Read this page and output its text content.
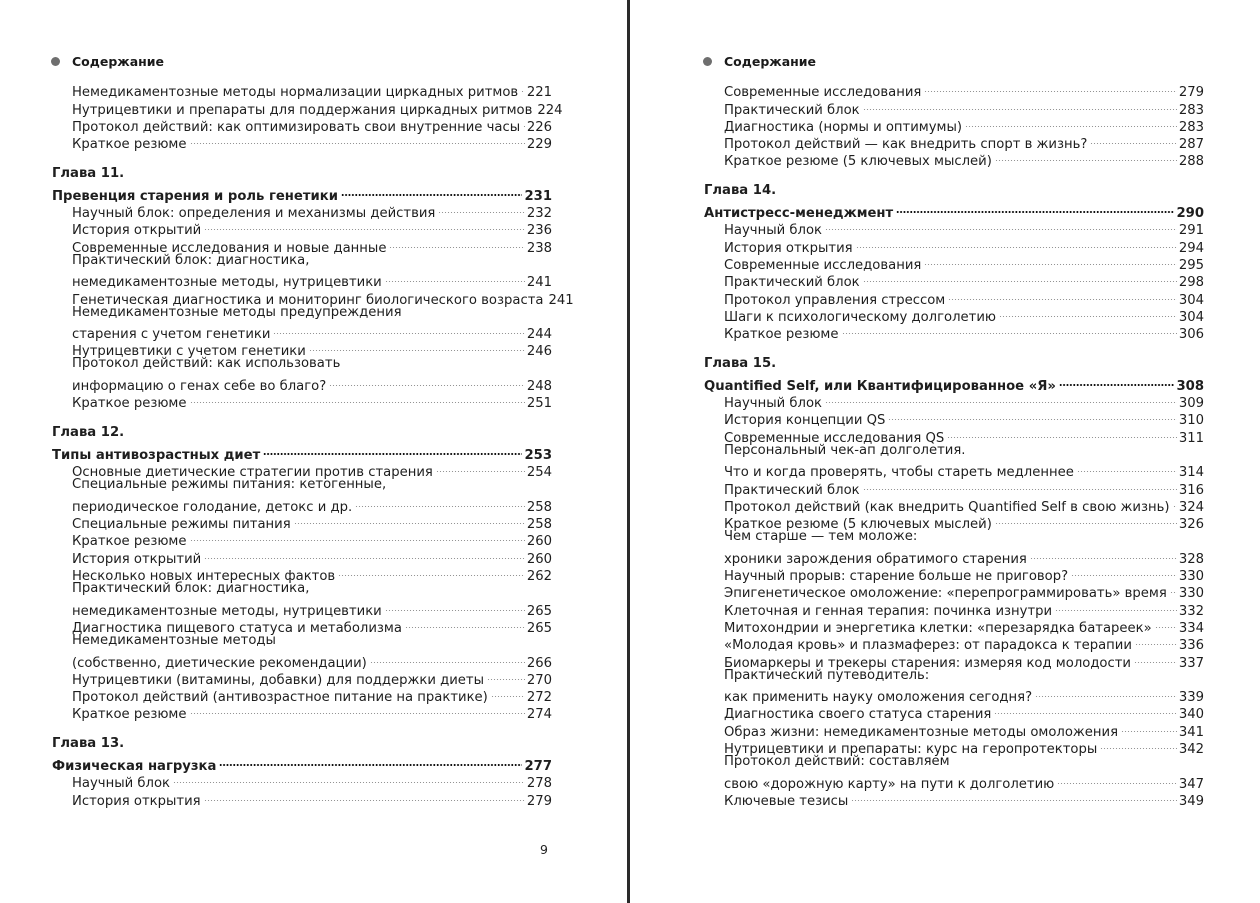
Содержание
Немедикаментозные методы нормализации циркадных ритмов 221
Нутрицевтики и препараты для поддержания циркадных ритмов 224
Протокол действий: как оптимизировать свои внутренние часы 226
Краткое резюме	229
Глава 11.
Превенция старения и роль генетики	231
Научный блок: определения и механизмы действия	232
История открытий	236
Современные исследования и новые данные	238
Практический блок: диагностика,
немедикаментозные методы, нутрицевтики	241
Генетическая диагностика и мониторинг биологического возраста 241
Немедикаментозные методы предупреждения
старения с учетом генетики	244
Нутрицевтики с учетом генетики	246
Протокол действий: как использовать
информацию о генах себе во благо?	248
Краткое резюме	251
Глава 12.
Типы антивозрастных диет	253
Основные диетические стратегии против старения	254
Специальные режимы питания: кетогенные,
периодическое голодание, детокс и др.	258
Специальные режимы питания	258
Краткое резюме	260
История открытий	260
Несколько новых интересных фактов	262
Практический блок: диагностика,
немедикаментозные методы, нутрицевтики	265
Диагностика пищевого статуса и метаболизма	265
Немедикаментозные методы
(собственно, диетические рекомендации)	266
Нутрицевтики (витамины, добавки) для поддержки диеты	270
Протокол действий (антивозрастное питание на практике)	272
Краткое резюме	274
Глава 13.
Физическая нагрузка	277
Научный блок	278
История открытия	279
9
Содержание
Современные исследования	279
Практический блок	283
Диагностика (нормы и оптимумы)	283
Протокол действий — как внедрить спорт в жизнь?	287
Краткое резюме (5 ключевых мыслей)	288
Глава 14.
Антистресс-менеджмент	290
Научный блок	291
История открытия	294
Современные исследования	295
Практический блок	298
Протокол управления стрессом	304
Шаги к психологическому долголетию	304
Краткое резюме	306
Глава 15.
Quantified Self, или Квантифицированное «Я»	308
Научный блок	309
История концепции QS	310
Современные исследования QS	311
Персональный чек-ап долголетия.
Что и когда проверять, чтобы стареть медленнее	314
Практический блок	316
Протокол действий (как внедрить Quantified Self в свою жизнь) 324
Краткое резюме (5 ключевых мыслей)	326
Чем старше — тем моложе:
хроники зарождения обратимого старения	328
Научный прорыв: старение больше не приговор?	330
Эпигенетическое омоложение: «перепрограммировать» время 330
Клеточная и генная терапия: починка изнутри	332
Митохондрии и энергетика клетки: «перезарядка батареек» 334
«Молодая кровь» и плазмаферез: от парадокса к терапии	336
Биомаркеры и трекеры старения: измеряя код молодости	337
Практический путеводитель:
как применить науку омоложения сегодня?	339
Диагностика своего статуса старения	340
Образ жизни: немедикаментозные методы омоложения	341
Нутрицевтики и препараты: курс на геропротекторы	342
Протокол действий: составляем
свою «дорожную карту» на пути к долголетию	347
Ключевые тезисы	349
